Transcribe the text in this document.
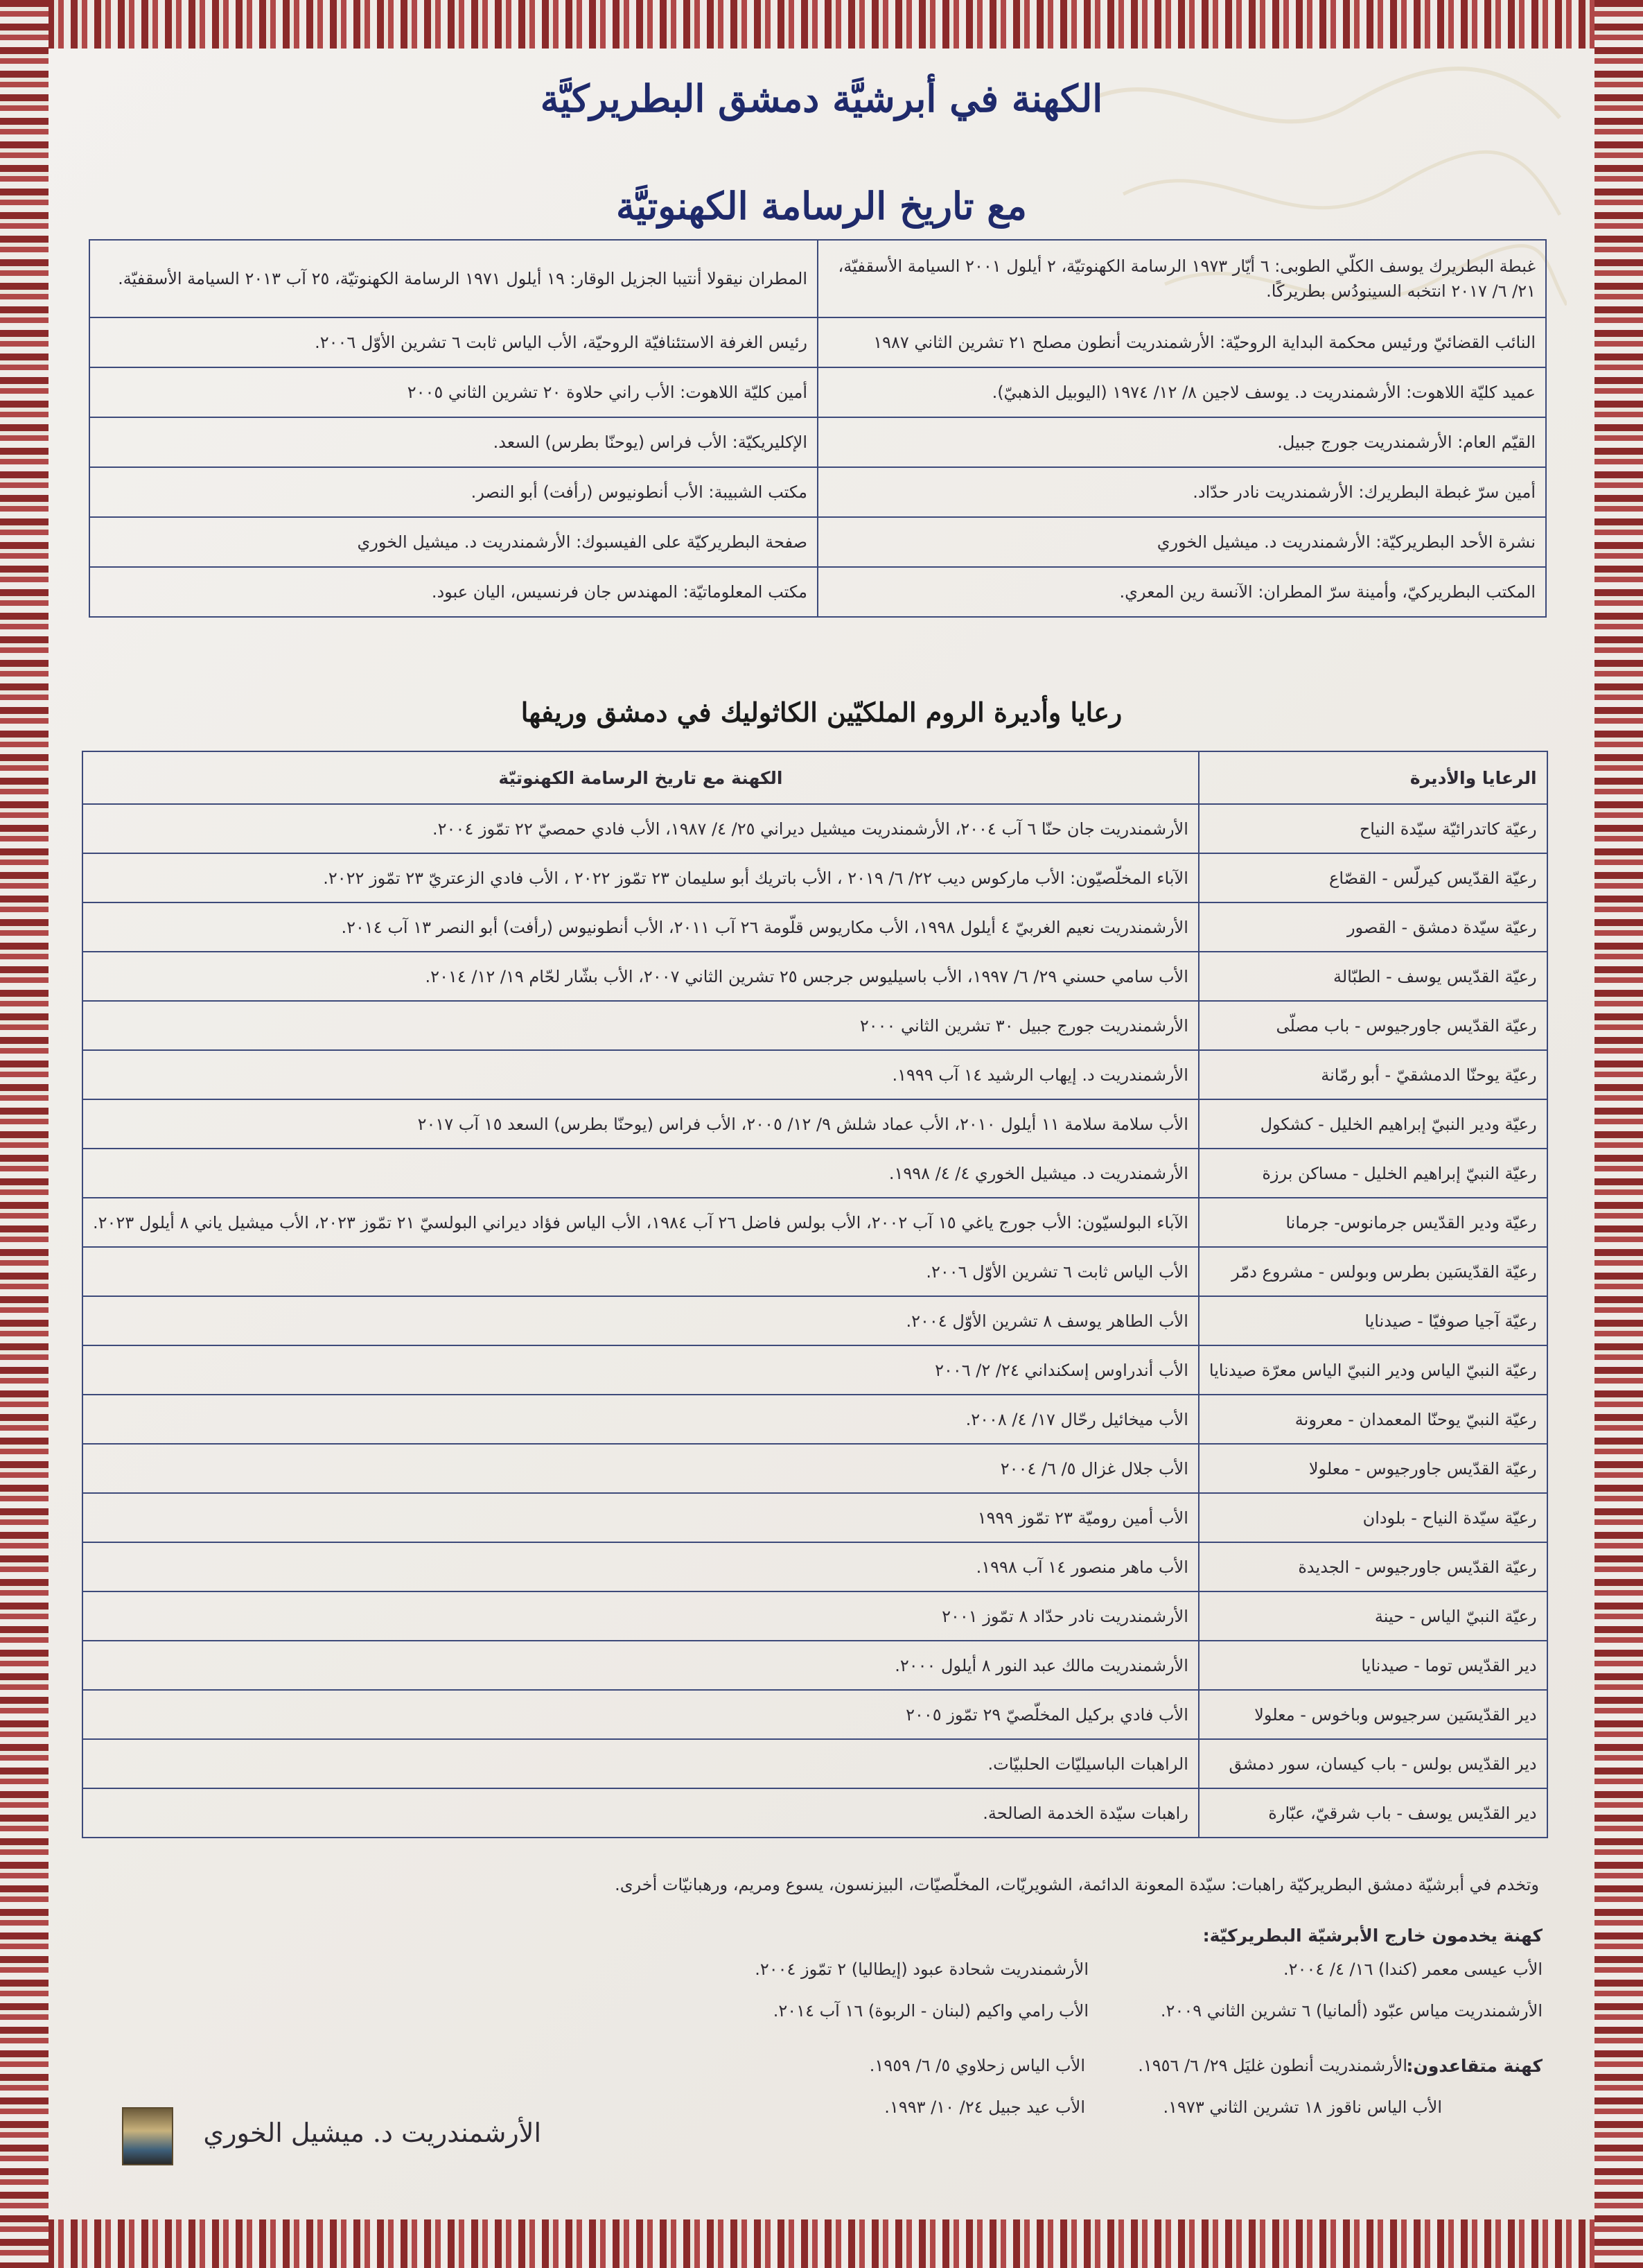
الكهنة في أبرشيَّة دمشق البطريركيَّة
مع تاريخ الرسامة الكهنوتيَّة
غبطة البطريرك يوسف الكلّي الطوبى: ٦ أيّار ١٩٧٣ الرسامة الكهنوتيّة، ٢ أيلول ٢٠٠١ السيامة الأسقفيّة، ٢١/ ٦/ ٢٠١٧ انتخبه السينودُس بطريركًا.	المطران نيقولا أنتيبا الجزيل الوقار: ١٩ أيلول ١٩٧١ الرسامة الكهنوتيّة، ٢٥ آب ٢٠١٣ السيامة الأسقفيّة.
النائب القضائيّ ورئيس محكمة البداية الروحيّة: الأرشمندريت أنطون مصلح ٢١ تشرين الثاني ١٩٨٧	رئيس الغرفة الاستئنافيّة الروحيّة، الأب الياس ثابت ٦ تشرين الأوّل ٢٠٠٦.
عميد كليّة اللاهوت: الأرشمندريت د. يوسف لاجين ٨/ ١٢/ ١٩٧٤ (اليوبيل الذهبيّ).	أمين كليّة اللاهوت: الأب راني حلاوة ٢٠ تشرين الثاني ٢٠٠٥
القيّم العام: الأرشمندريت جورج جبيل.	الإكليريكيّة: الأب فراس (يوحنّا بطرس) السعد.
أمين سرّ غبطة البطريرك: الأرشمندريت نادر حدّاد.	مكتب الشبيبة: الأب أنطونيوس (رأفت) أبو النصر.
نشرة الأحد البطريركيّة: الأرشمندريت د. ميشيل الخوري	صفحة البطريركيّة على الفيسبوك: الأرشمندريت د. ميشيل الخوري
المكتب البطريركيّ، وأمينة سرّ المطران: الآنسة رين المعري.	مكتب المعلوماتيّة: المهندس جان فرنسيس، اليان عبود.
رعايا وأديرة الروم الملكيّين الكاثوليك في دمشق وريفها
الرعايا والأديرة	الكهنة مع تاريخ الرسامة الكهنوتيّة
رعيّة كاتدرائيّة سيّدة النياح	الأرشمندريت جان حنّا ٦ آب ٢٠٠٤، الأرشمندريت ميشيل ديراني ٢٥/ ٤/ ١٩٨٧، الأب فادي حمصيّ ٢٢ تمّوز ٢٠٠٤.
رعيّة القدّيس كيرلّس - القصّاع	الآباء المخلّصيّون: الأب ماركوس ديب ٢٢/ ٦/ ٢٠١٩ ، الأب باتريك أبو سليمان ٢٣ تمّوز ٢٠٢٢ ، الأب فادي الزعتريّ ٢٣ تمّوز ٢٠٢٢.
رعيّة سيّدة دمشق - القصور	الأرشمندريت نعيم الغربيّ ٤ أيلول ١٩٩٨، الأب مكاريوس قلّومة ٢٦ آب ٢٠١١، الأب أنطونيوس (رأفت) أبو النصر ١٣ آب ٢٠١٤.
رعيّة القدّيس يوسف - الطبّالة	الأب سامي حسني ٢٩/ ٦/ ١٩٩٧، الأب باسيليوس جرجس ٢٥ تشرين الثاني ٢٠٠٧، الأب بشّار لحّام ١٩/ ١٢/ ٢٠١٤.
رعيّة القدّيس جاورجيوس - باب مصلّى	الأرشمندريت جورج جبيل ٣٠ تشرين الثاني ٢٠٠٠
رعيّة يوحنّا الدمشقيّ - أبو رمّانة	الأرشمندريت د. إيهاب الرشيد ١٤ آب ١٩٩٩.
رعيّة ودير النبيّ إبراهيم الخليل - كشكول	الأب سلامة سلامة ١١ أيلول ٢٠١٠، الأب عماد شلش ٩/ ١٢/ ٢٠٠٥، الأب فراس (يوحنّا بطرس) السعد ١٥ آب ٢٠١٧
رعيّة النبيّ إبراهيم الخليل - مساكن برزة	الأرشمندريت د. ميشيل الخوري ٤/ ٤/ ١٩٩٨.
رعيّة ودير القدّيس جرمانوس- جرمانا	الآباء البولسيّون: الأب جورج ياغي ١٥ آب ٢٠٠٢، الأب بولس فاضل ٢٦ آب ١٩٨٤، الأب الياس فؤاد ديراني البولسيّ ٢١ تمّوز ٢٠٢٣، الأب ميشيل ياني ٨ أيلول ٢٠٢٣.
رعيّة القدّيسَين بطرس وبولس - مشروع دمّر	الأب الياس ثابت ٦ تشرين الأوّل ٢٠٠٦.
رعيّة آجيا صوفيّا - صيدنايا	الأب الطاهر يوسف ٨ تشرين الأوّل ٢٠٠٤.
رعيّة النبيّ الياس ودير النبيّ الياس معرّة صيدنايا	الأب أندراوس إسكنداني ٢٤/ ٢/ ٢٠٠٦
رعيّة النبيّ يوحنّا المعمدان - معرونة	الأب ميخائيل رحّال ١٧/ ٤/ ٢٠٠٨.
رعيّة القدّيس جاورجيوس - معلولا	الأب جلال غزال ٥/ ٦/ ٢٠٠٤
رعيّة سيّدة النياح - بلودان	الأب أمين روميّة ٢٣ تمّوز ١٩٩٩
رعيّة القدّيس جاورجيوس - الجديدة	الأب ماهر منصور ١٤ آب ١٩٩٨.
رعيّة النبيّ الياس - حينة	الأرشمندريت نادر حدّاد ٨ تمّوز ٢٠٠١
دير القدّيس توما - صيدنايا	الأرشمندريت مالك عبد النور ٨ أيلول ٢٠٠٠.
دير القدّيسَين سرجيوس وباخوس - معلولا	الأب فادي بركيل المخلّصيّ ٢٩ تمّوز ٢٠٠٥
دير القدّيس بولس - باب كيسان، سور دمشق	الراهبات الباسيليّات الحلبيّات.
دير القدّيس يوسف - باب شرقيّ، عبّارة	راهبات سيّدة الخدمة الصالحة.
وتخدم في أبرشيّة دمشق البطريركيّة راهبات: سيّدة المعونة الدائمة، الشويريّات، المخلّصيّات، البيزنسون، يسوع ومريم، ورهبانيّات أخرى.
كهنة يخدمون خارج الأبرشيّة البطريركيّة:
الأب عيسى معمر (كندا) ١٦/ ٤/ ٢٠٠٤.
الأرشمندريت شحادة عبود (إيطاليا) ٢ تمّوز ٢٠٠٤.
الأرشمندريت مياس عبّود (ألمانيا) ٦ تشرين الثاني ٢٠٠٩.
الأب رامي واكيم (لبنان - الربوة) ١٦ آب ٢٠١٤.
كهنة متقاعدون:
الأرشمندريت أنطون غليَل ٢٩/ ٦/ ١٩٥٦.
الأب الياس زحلاوي ٥/ ٦/ ١٩٥٩.
الأب الياس ناقوز ١٨ تشرين الثاني ١٩٧٣.
الأب عيد جبيل ٢٤/ ١٠/ ١٩٩٣.
الأرشمندريت د. ميشيل الخوري
